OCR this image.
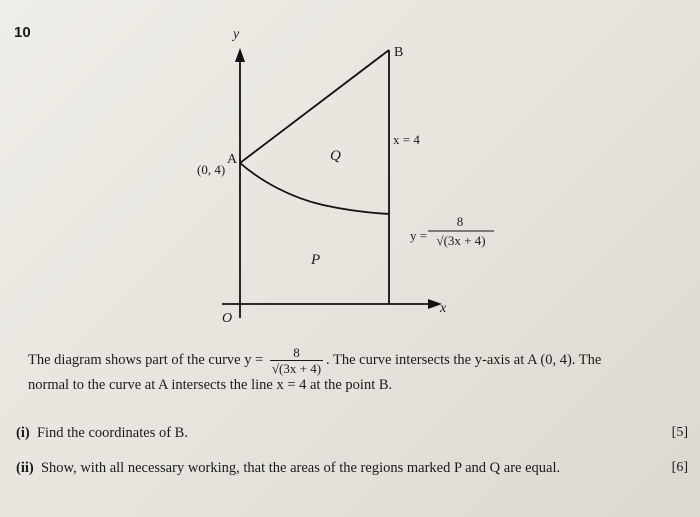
10	y
x
O
A
(0, 4)
B
x = 4
Q
P
y =
8
√(3x + 4)
The diagram shows part of the curve $y = \frac{8}{√(3x + 4)}$ . The curve intersects the y-axis at A (0, 4). The
normal to the curve at A intersects the line x = 4 at the point B.
(i) Find the coordinates of B.	[5]
(ii) Show, with all necessary working, that the areas of the regions marked P and Q are equal.	[6]
